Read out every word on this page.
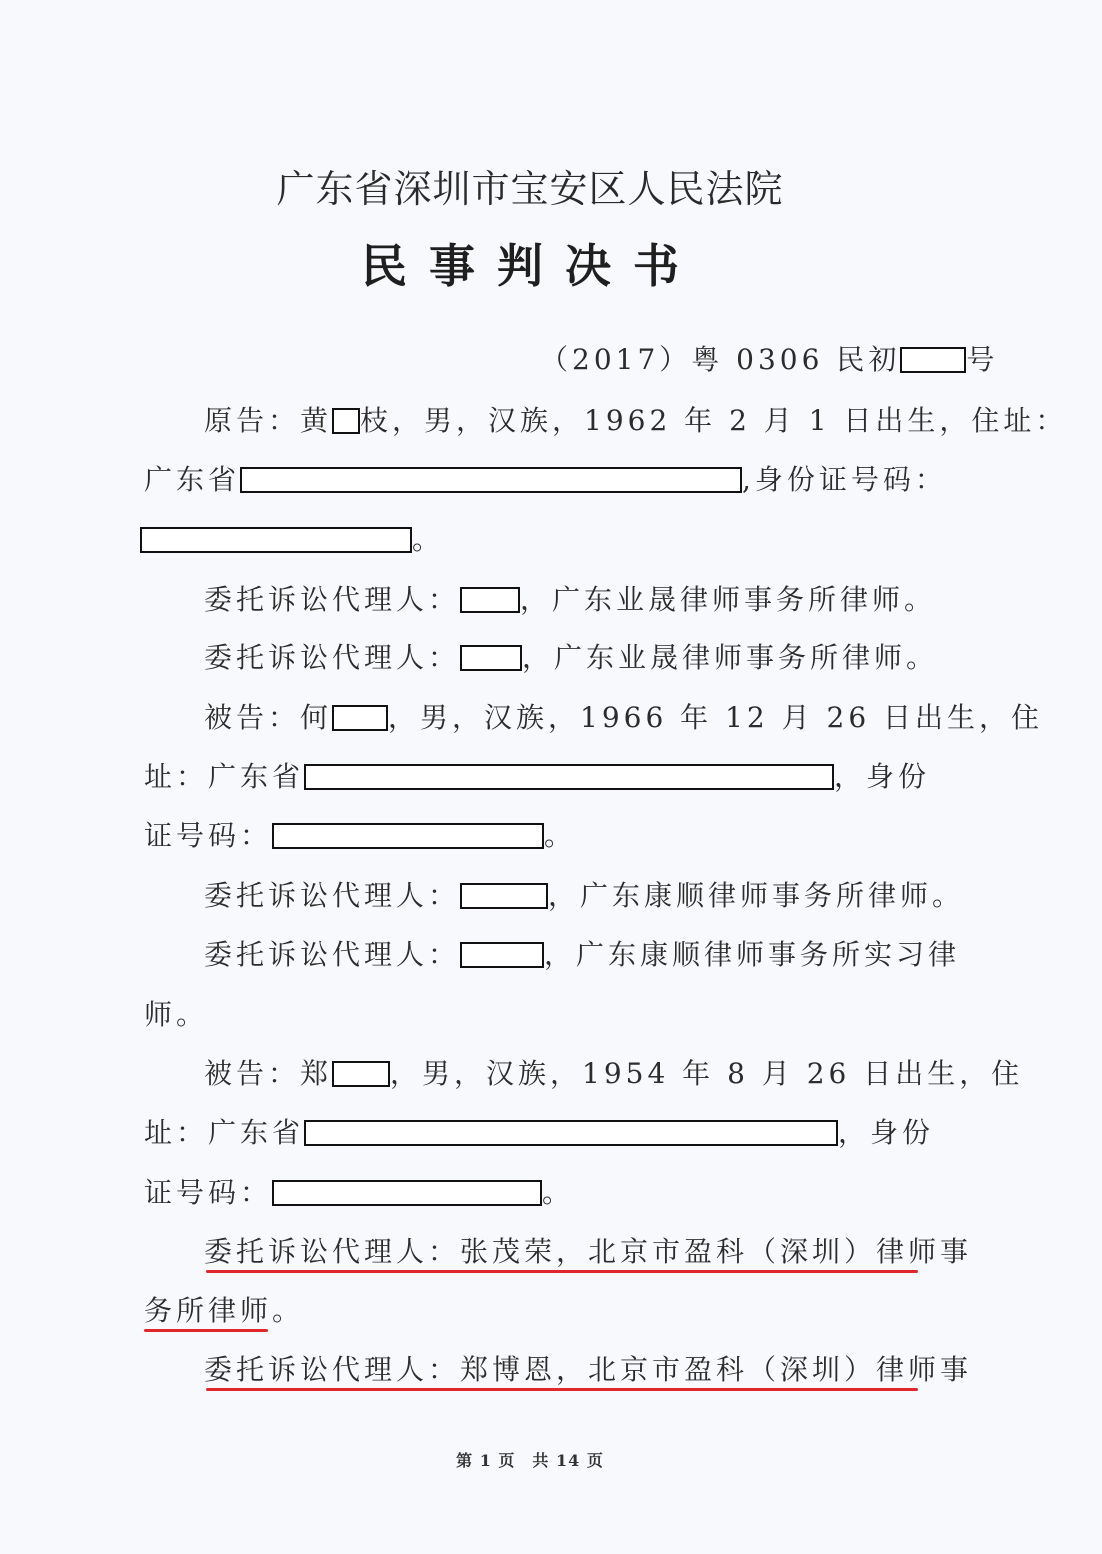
广东省深圳市宝安区人民法院
民事判决书
（2017）粤 0306 民初 号
原告：黄 枝，男，汉族，1962 年 2 月 1 日出生，住址：
广东省	,身份证号码：
。
委托诉讼代理人： ，广东业晟律师事务所律师。
委托诉讼代理人： ，广东业晟律师事务所律师。
被告：何 ，男，汉族，1966 年 12 月 26 日出生，住
址：广东省	，身份
证号码：	。
委托诉讼代理人：	，广东康顺律师事务所律师。
委托诉讼代理人：	，广东康顺律师事务所实习律
师。
被告：郑 ，男，汉族，1954 年 8 月 26 日出生，住
址：广东省	，身份
证号码：	。
委托诉讼代理人：张茂荣，北京市盈科（深圳）律师事
务所律师。
委托诉讼代理人：郑博恩，北京市盈科（深圳）律师事
第 1 页　共 14 页
